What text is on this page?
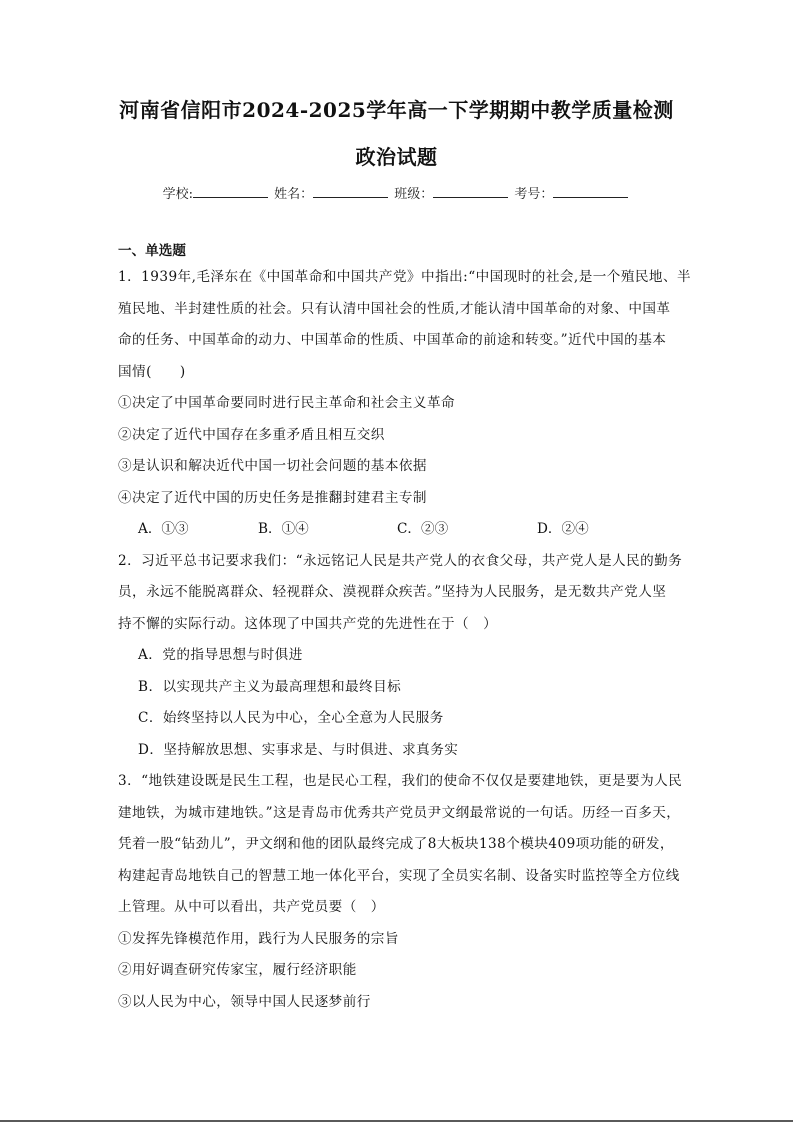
河南省信阳市2024-2025学年高一下学期期中教学质量检测
政治试题
学校:	姓名：	班级：	考号：
一、单选题
1．1939年,毛泽东在《中国革命和中国共产党》中指出:“中国现时的社会,是一个殖民地、半
殖民地、半封建性质的社会。只有认清中国社会的性质,才能认清中国革命的对象、中国革
命的任务、中国革命的动力、中国革命的性质、中国革命的前途和转变。”近代中国的基本
国情(　　)
①决定了中国革命要同时进行民主革命和社会主义革命
②决定了近代中国存在多重矛盾且相互交织
③是认识和解决近代中国一切社会问题的基本依据
④决定了近代中国的历史任务是推翻封建君主专制
A．①③	B．①④	C．②③	D．②④
2．习近平总书记要求我们：“永远铭记人民是共产党人的衣食父母，共产党人是人民的勤务
员，永远不能脱离群众、轻视群众、漠视群众疾苦。”坚持为人民服务，是无数共产党人坚
持不懈的实际行动。这体现了中国共产党的先进性在于（　）
A．党的指导思想与时俱进
B．以实现共产主义为最高理想和最终目标
C．始终坚持以人民为中心，全心全意为人民服务
D．坚持解放思想、实事求是、与时俱进、求真务实
3．“地铁建设既是民生工程，也是民心工程，我们的使命不仅仅是要建地铁，更是要为人民
建地铁，为城市建地铁。”这是青岛市优秀共产党员尹文纲最常说的一句话。历经一百多天，
凭着一股“钻劲儿”，尹文纲和他的团队最终完成了8大板块138个模块409项功能的研发，
构建起青岛地铁自己的智慧工地一体化平台，实现了全员实名制、设备实时监控等全方位线
上管理。从中可以看出，共产党员要（　）
①发挥先锋模范作用，践行为人民服务的宗旨
②用好调查研究传家宝，履行经济职能
③以人民为中心，领导中国人民逐梦前行
